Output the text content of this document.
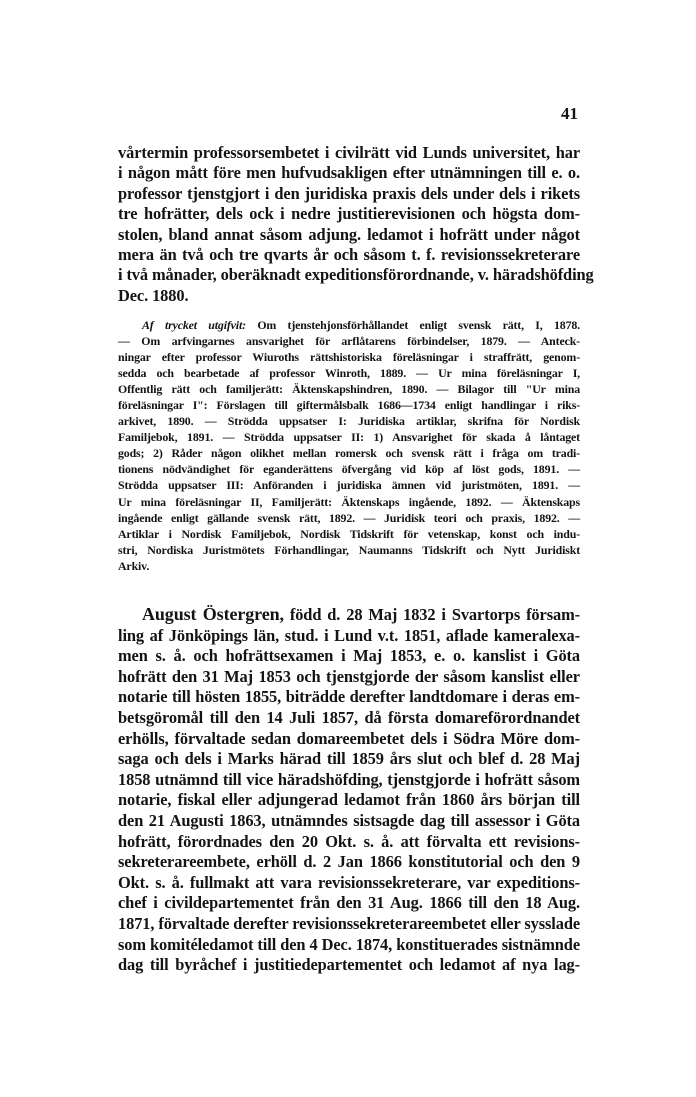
41
vårtermin professorsembetet i civilrätt vid Lunds universitet, har
i någon mått före men hufvudsakligen efter utnämningen till e. o.
professor tjenstgjort i den juridiska praxis dels under dels i rikets
tre hofrätter, dels ock i nedre justitierevisionen och högsta dom-
stolen, bland annat såsom adjung. ledamot i hofrätt under något
mera än två och tre qvarts år och såsom t. f. revisionssekreterare
i två månader, oberäknadt expeditionsförordnande, v. häradshöfding
Dec. 1880.
Af trycket utgifvit: Om tjenstehjonsförhållandet enligt svensk rätt, I, 1878.
— Om arfvingarnes ansvarighet för arflåtarens förbindelser, 1879. — Anteck-
ningar efter professor Wiuroths rättshistoriska föreläsningar i straffrätt, genom-
sedda och bearbetade af professor Winroth, 1889. — Ur mina föreläsningar I,
Offentlig rätt och familjerätt: Äktenskapshindren, 1890. — Bilagor till "Ur mina
föreläsningar I": Förslagen till giftermålsbalk 1686—1734 enligt handlingar i riks-
arkivet, 1890. — Strödda uppsatser I: Juridiska artiklar, skrifna för Nordisk
Familjebok, 1891. — Strödda uppsatser II: 1) Ansvarighet för skada å låntaget
gods; 2) Råder någon olikhet mellan romersk och svensk rätt i fråga om tradi-
tionens nödvändighet för eganderättens öfvergång vid köp af löst gods, 1891. —
Strödda uppsatser III: Anföranden i juridiska ämnen vid juristmöten, 1891. —
Ur mina föreläsningar II, Familjerätt: Äktenskaps ingående, 1892. — Äktenskaps
ingående enligt gällande svensk rätt, 1892. — Juridisk teori och praxis, 1892. —
Artiklar i Nordisk Familjebok, Nordisk Tidskrift för vetenskap, konst och indu-
stri, Nordiska Juristmötets Förhandlingar, Naumanns Tidskrift och Nytt Juridiskt
Arkiv.
August Östergren, född d. 28 Maj 1832 i Svartorps försam-
ling af Jönköpings län, stud. i Lund v.t. 1851, aflade kameralexa-
men s. å. och hofrättsexamen i Maj 1853, e. o. kanslist i Göta
hofrätt den 31 Maj 1853 och tjenstgjorde der såsom kanslist eller
notarie till hösten 1855, biträdde derefter landtdomare i deras em-
betsgöromål till den 14 Juli 1857, då första domareförordnandet
erhölls, förvaltade sedan domareembetet dels i Södra Möre dom-
saga och dels i Marks härad till 1859 års slut och blef d. 28 Maj
1858 utnämnd till vice häradshöfding, tjenstgjorde i hofrätt såsom
notarie, fiskal eller adjungerad ledamot från 1860 års början till
den 21 Augusti 1863, utnämndes sistsagde dag till assessor i Göta
hofrätt, förordnades den 20 Okt. s. å. att förvalta ett revisions-
sekreterareembete, erhöll d. 2 Jan 1866 konstitutorial och den 9
Okt. s. å. fullmakt att vara revisionssekreterare, var expeditions-
chef i civildepartementet från den 31 Aug. 1866 till den 18 Aug.
1871, förvaltade derefter revisionssekreterareembetet eller sysslade
som komitéledamot till den 4 Dec. 1874, konstituerades sistnämnde
dag till byråchef i justitiedepartementet och ledamot af nya lag-
